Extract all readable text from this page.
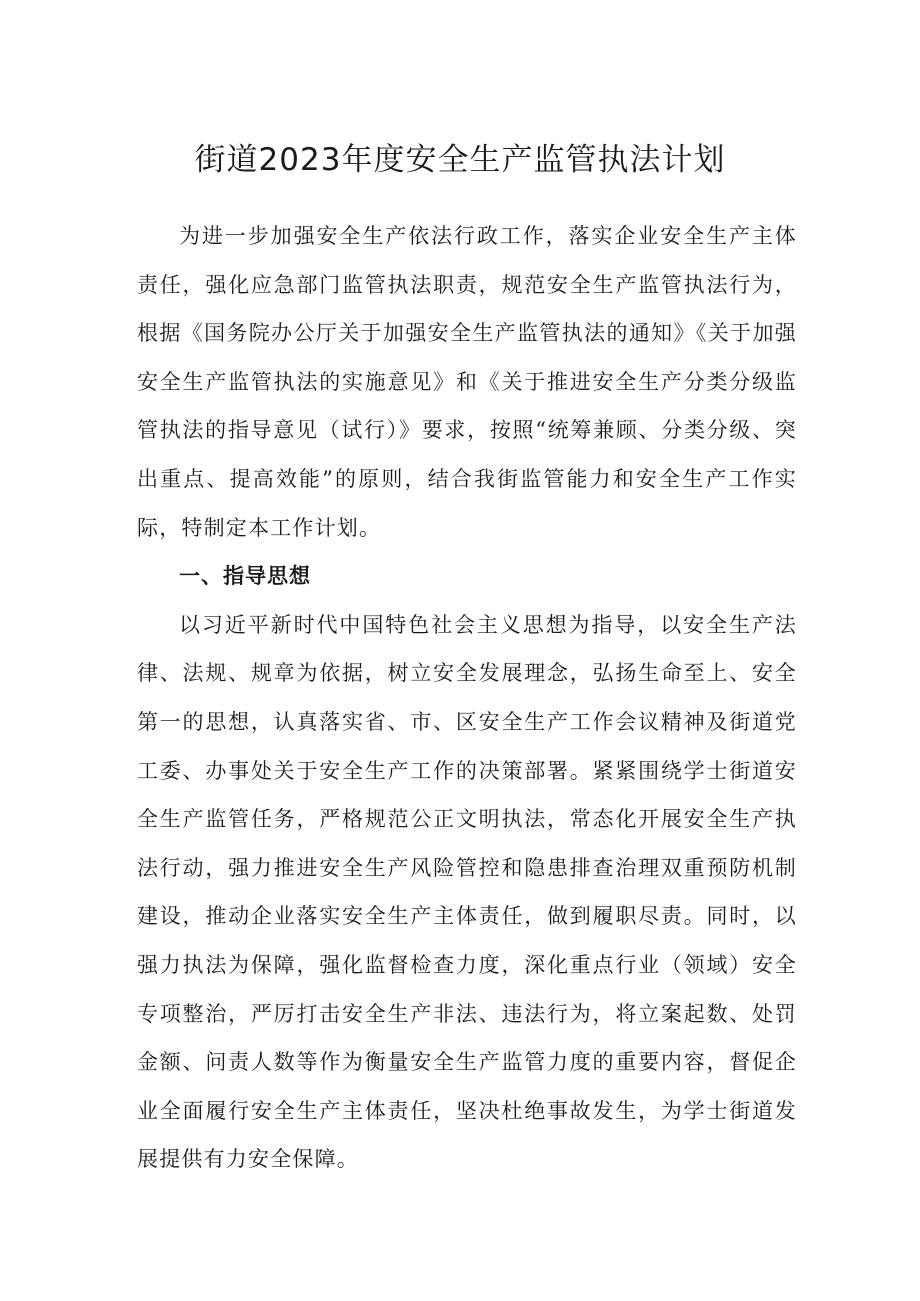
街道2023年度安全生产监管执法计划

为进一步加强安全生产依法行政工作，落实企业安全生产主体责任，强化应急部门监管执法职责，规范安全生产监管执法行为，根据《国务院办公厅关于加强安全生产监管执法的通知》《关于加强安全生产监管执法的实施意见》和《关于推进安全生产分类分级监管执法的指导意见（试行）》要求，按照“统筹兼顾、分类分级、突出重点、提高效能”的原则，结合我街监管能力和安全生产工作实际，特制定本工作计划。

一、指导思想

以习近平新时代中国特色社会主义思想为指导，以安全生产法律、法规、规章为依据，树立安全发展理念，弘扬生命至上、安全第一的思想，认真落实省、市、区安全生产工作会议精神及街道党工委、办事处关于安全生产工作的决策部署。紧紧围绕学士街道安全生产监管任务，严格规范公正文明执法，常态化开展安全生产执法行动，强力推进安全生产风险管控和隐患排查治理双重预防机制建设，推动企业落实安全生产主体责任，做到履职尽责。同时，以强力执法为保障，强化监督检查力度，深化重点行业（领域）安全专项整治，严厉打击安全生产非法、违法行为，将立案起数、处罚金额、问责人数等作为衡量安全生产监管力度的重要内容，督促企业全面履行安全生产主体责任，坚决杜绝事故发生，为学士街道发展提供有力安全保障。
